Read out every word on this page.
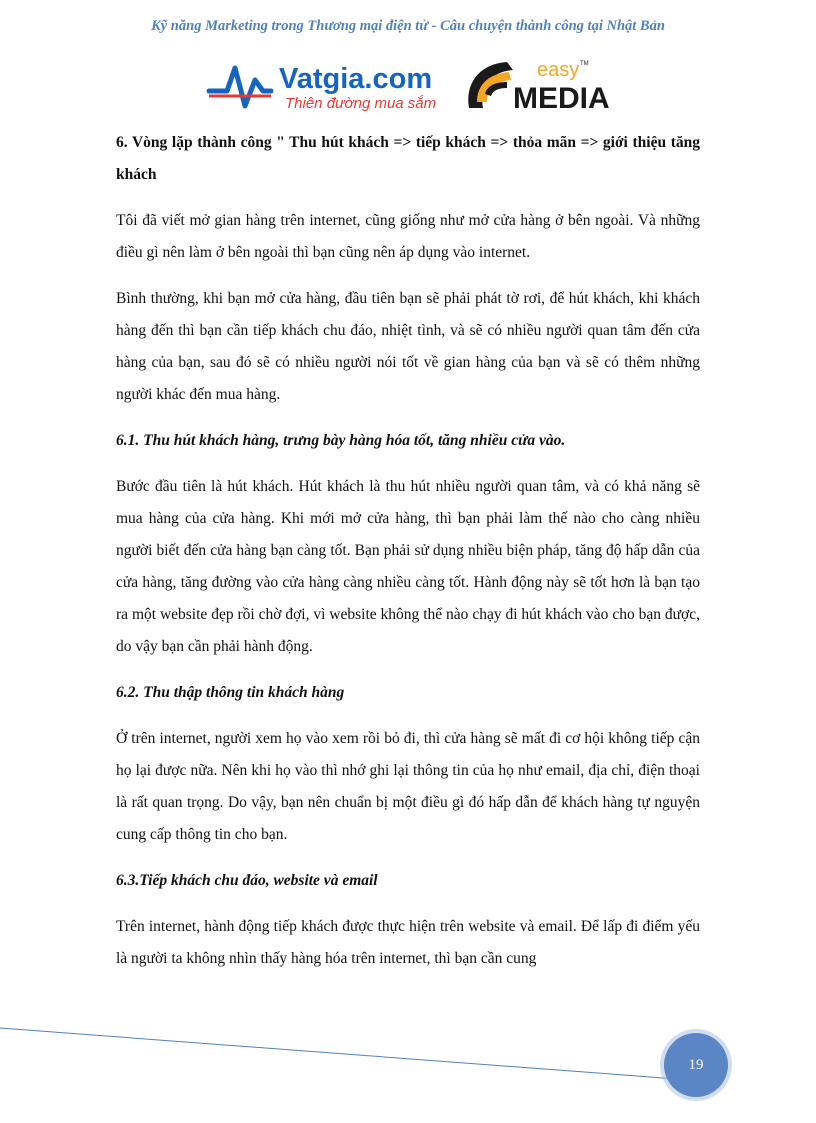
Kỹ năng Marketing trong Thương mại điện tử - Câu chuyện thành công tại Nhật Bản
Vatgia.com
Thiên đường mua sắm
easy TM
MEDIA

6. Vòng lặp thành công " Thu hút khách => tiếp khách => thỏa mãn => giới thiệu tăng khách

Tôi đã viết mở gian hàng trên internet, cũng giống như mở cửa hàng ở bên ngoài. Và những điều gì nên làm ở bên ngoài thì bạn cũng nên áp dụng vào internet.

Bình thường, khi bạn mở cửa hàng, đầu tiên bạn sẽ phải phát tờ rơi, để hút khách, khi khách hàng đến thì bạn cần tiếp khách chu đáo, nhiệt tình, và sẽ có nhiều người quan tâm đến cửa hàng của bạn, sau đó sẽ có nhiều người nói tốt về gian hàng của bạn và sẽ có thêm những người khác đến mua hàng.

6.1. Thu hút khách hàng, trưng bày hàng hóa tốt, tăng nhiều cửa vào.

Bước đầu tiên là hút khách. Hút khách là thu hút nhiều người quan tâm, và có khả năng sẽ mua hàng của cửa hàng. Khi mới mở cửa hàng, thì bạn phải làm thế nào cho càng nhiều người biết đến cửa hàng bạn càng tốt. Bạn phải sử dụng nhiều biện pháp, tăng độ hấp dẫn của cửa hàng, tăng đường vào cửa hàng càng nhiều càng tốt. Hành động này sẽ tốt hơn là bạn tạo ra một website đẹp rồi chờ đợi, vì website không thể nào chạy đi hút khách vào cho bạn được, do vậy bạn cần phải hành động.

6.2. Thu thập thông tin khách hàng

Ở trên internet, người xem họ vào xem rồi bỏ đi, thì cửa hàng sẽ mất đi cơ hội không tiếp cận họ lại được nữa. Nên khi họ vào thì nhớ ghi lại thông tin của họ như email, địa chỉ, điện thoại là rất quan trọng. Do vậy, bạn nên chuẩn bị một điều gì đó hấp dẫn để khách hàng tự nguyện cung cấp thông tin cho bạn.

6.3.Tiếp khách chu đáo, website và email

Trên internet, hành động tiếp khách được thực hiện trên website và email. Để lấp đi điểm yếu là người ta không nhìn thấy hàng hóa trên internet, thì bạn cần cung

19
